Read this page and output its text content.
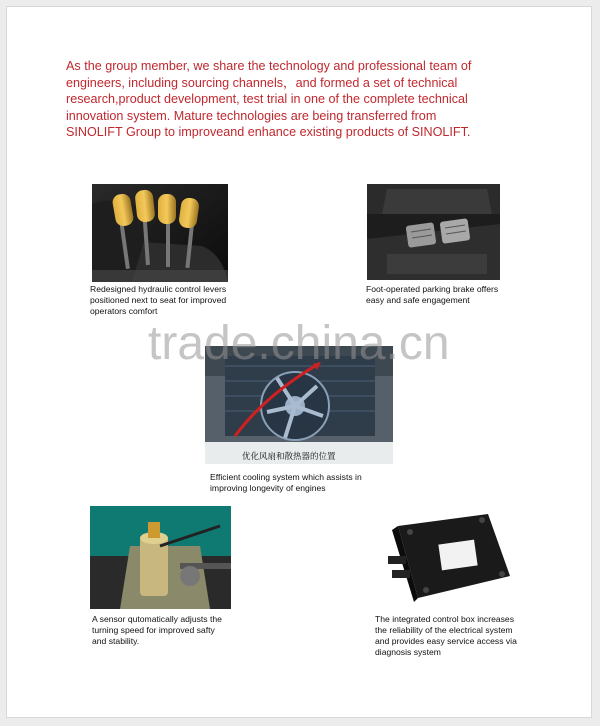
As the group member, we share the technology and professional team of
engineers, including sourcing channels，and formed a set of technical
research,product development, test trial in one of the complete technical
innovation system. Mature technologies are being transferred from
SINOLIFT Group to improveand enhance existing products of SINOLIFT.

Redesigned hydraulic control levers
positioned next to seat for improved
operators comfort

Foot-operated parking brake offers
easy and safe engagement

优化风扇和散热器的位置

Efficient cooling system which assists in
improving longevity of engines

A sensor qutomatically adjusts the
turning speed for improved safty
and stability.

The integrated control box increases
the reliability of the electrical system
and provides easy service access via
diagnosis system

trade.china.cn
